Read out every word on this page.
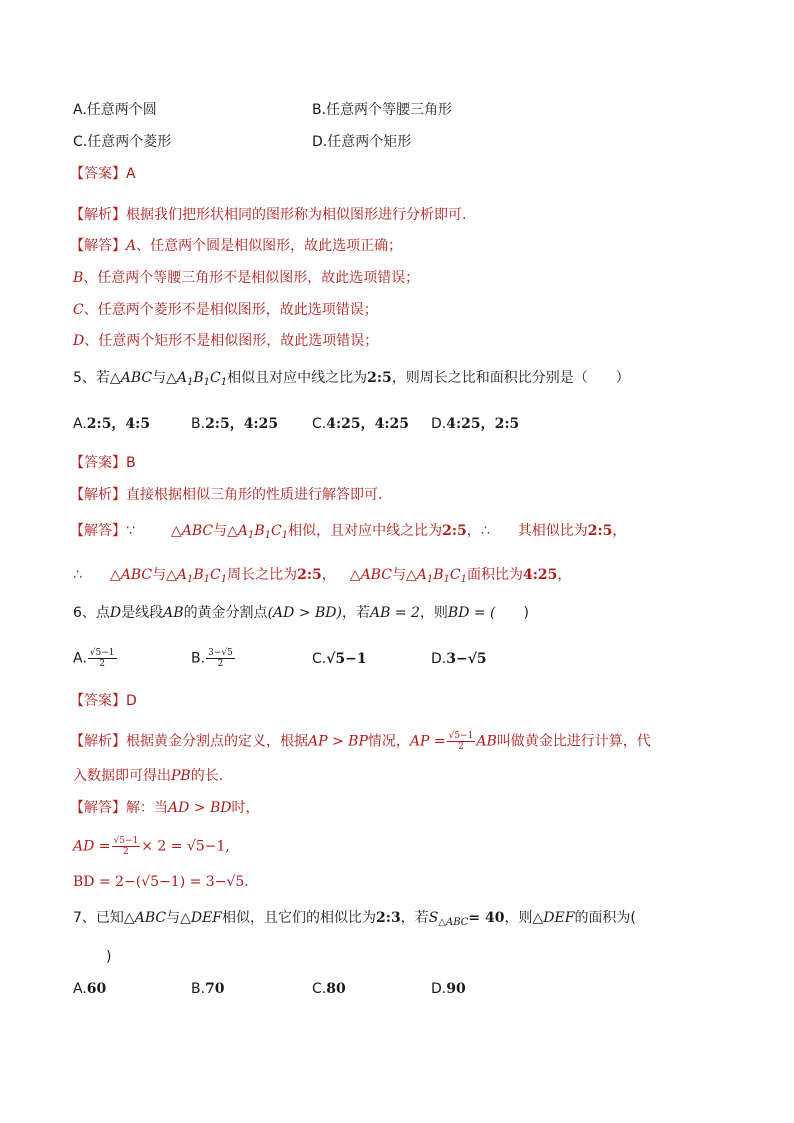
A.任意两个圆	B.任意两个等腰三角形
C.任意两个菱形	D.任意两个矩形
【答案】A
【解析】根据我们把形状相同的图形称为相似图形进行分析即可.
【解答】A、任意两个圆是相似图形，故此选项正确；
B、任意两个等腰三角形不是相似图形，故此选项错误；
C、任意两个菱形不是相似图形，故此选项错误；
D、任意两个矩形不是相似图形，故此选项错误；
5、若△ABC与$\triangle A_1B_1C_1$相似且对应中线之比为2:5，则周长之比和面积比分别是（　　）
A.2:5，4:5	B.2:5，4:25 C.4:25，4:25 D.4:25，2:5
【答案】B
【解析】直接根据相似三角形的性质进行解答即可.
【解答】∵	△ABC与$\triangle A_1B_1C_1$相似，且对应中线之比为2:5，∴ 其相似比为2:5，
∴ △ABC与$\triangle A_1B_1C_1$周长之比为2:5， △ABC与$\triangle A_1B_1C_1$面积比为4:25，
6、点D是线段AB的黄金分割点(AD > BD)，若AB = 2，则BD = (　　)
A. $\frac{√5-1}{2}$	B. $\frac{3-√5}{2}$	C.√5−1	D.3−√5
【答案】D
【解析】根据黄金分割点的定义，根据AP > BP情况，AP = $\frac{√5-1}{2}$ AB叫做黄金比进行计算，代
入数据即可得出PB的长.
【解答】解：当AD > BD时，
AD = $\frac{√5-1}{2} \times 2 = √5-1$,
BD = 2−(√5−1) = 3−√5.
7、已知△ABC与△DEF相似，且它们的相似比为2:3，若$S_{\triangle ABC}= 40$，则△DEF的面积为(
)
A.60	B.70	C.80	D.90
